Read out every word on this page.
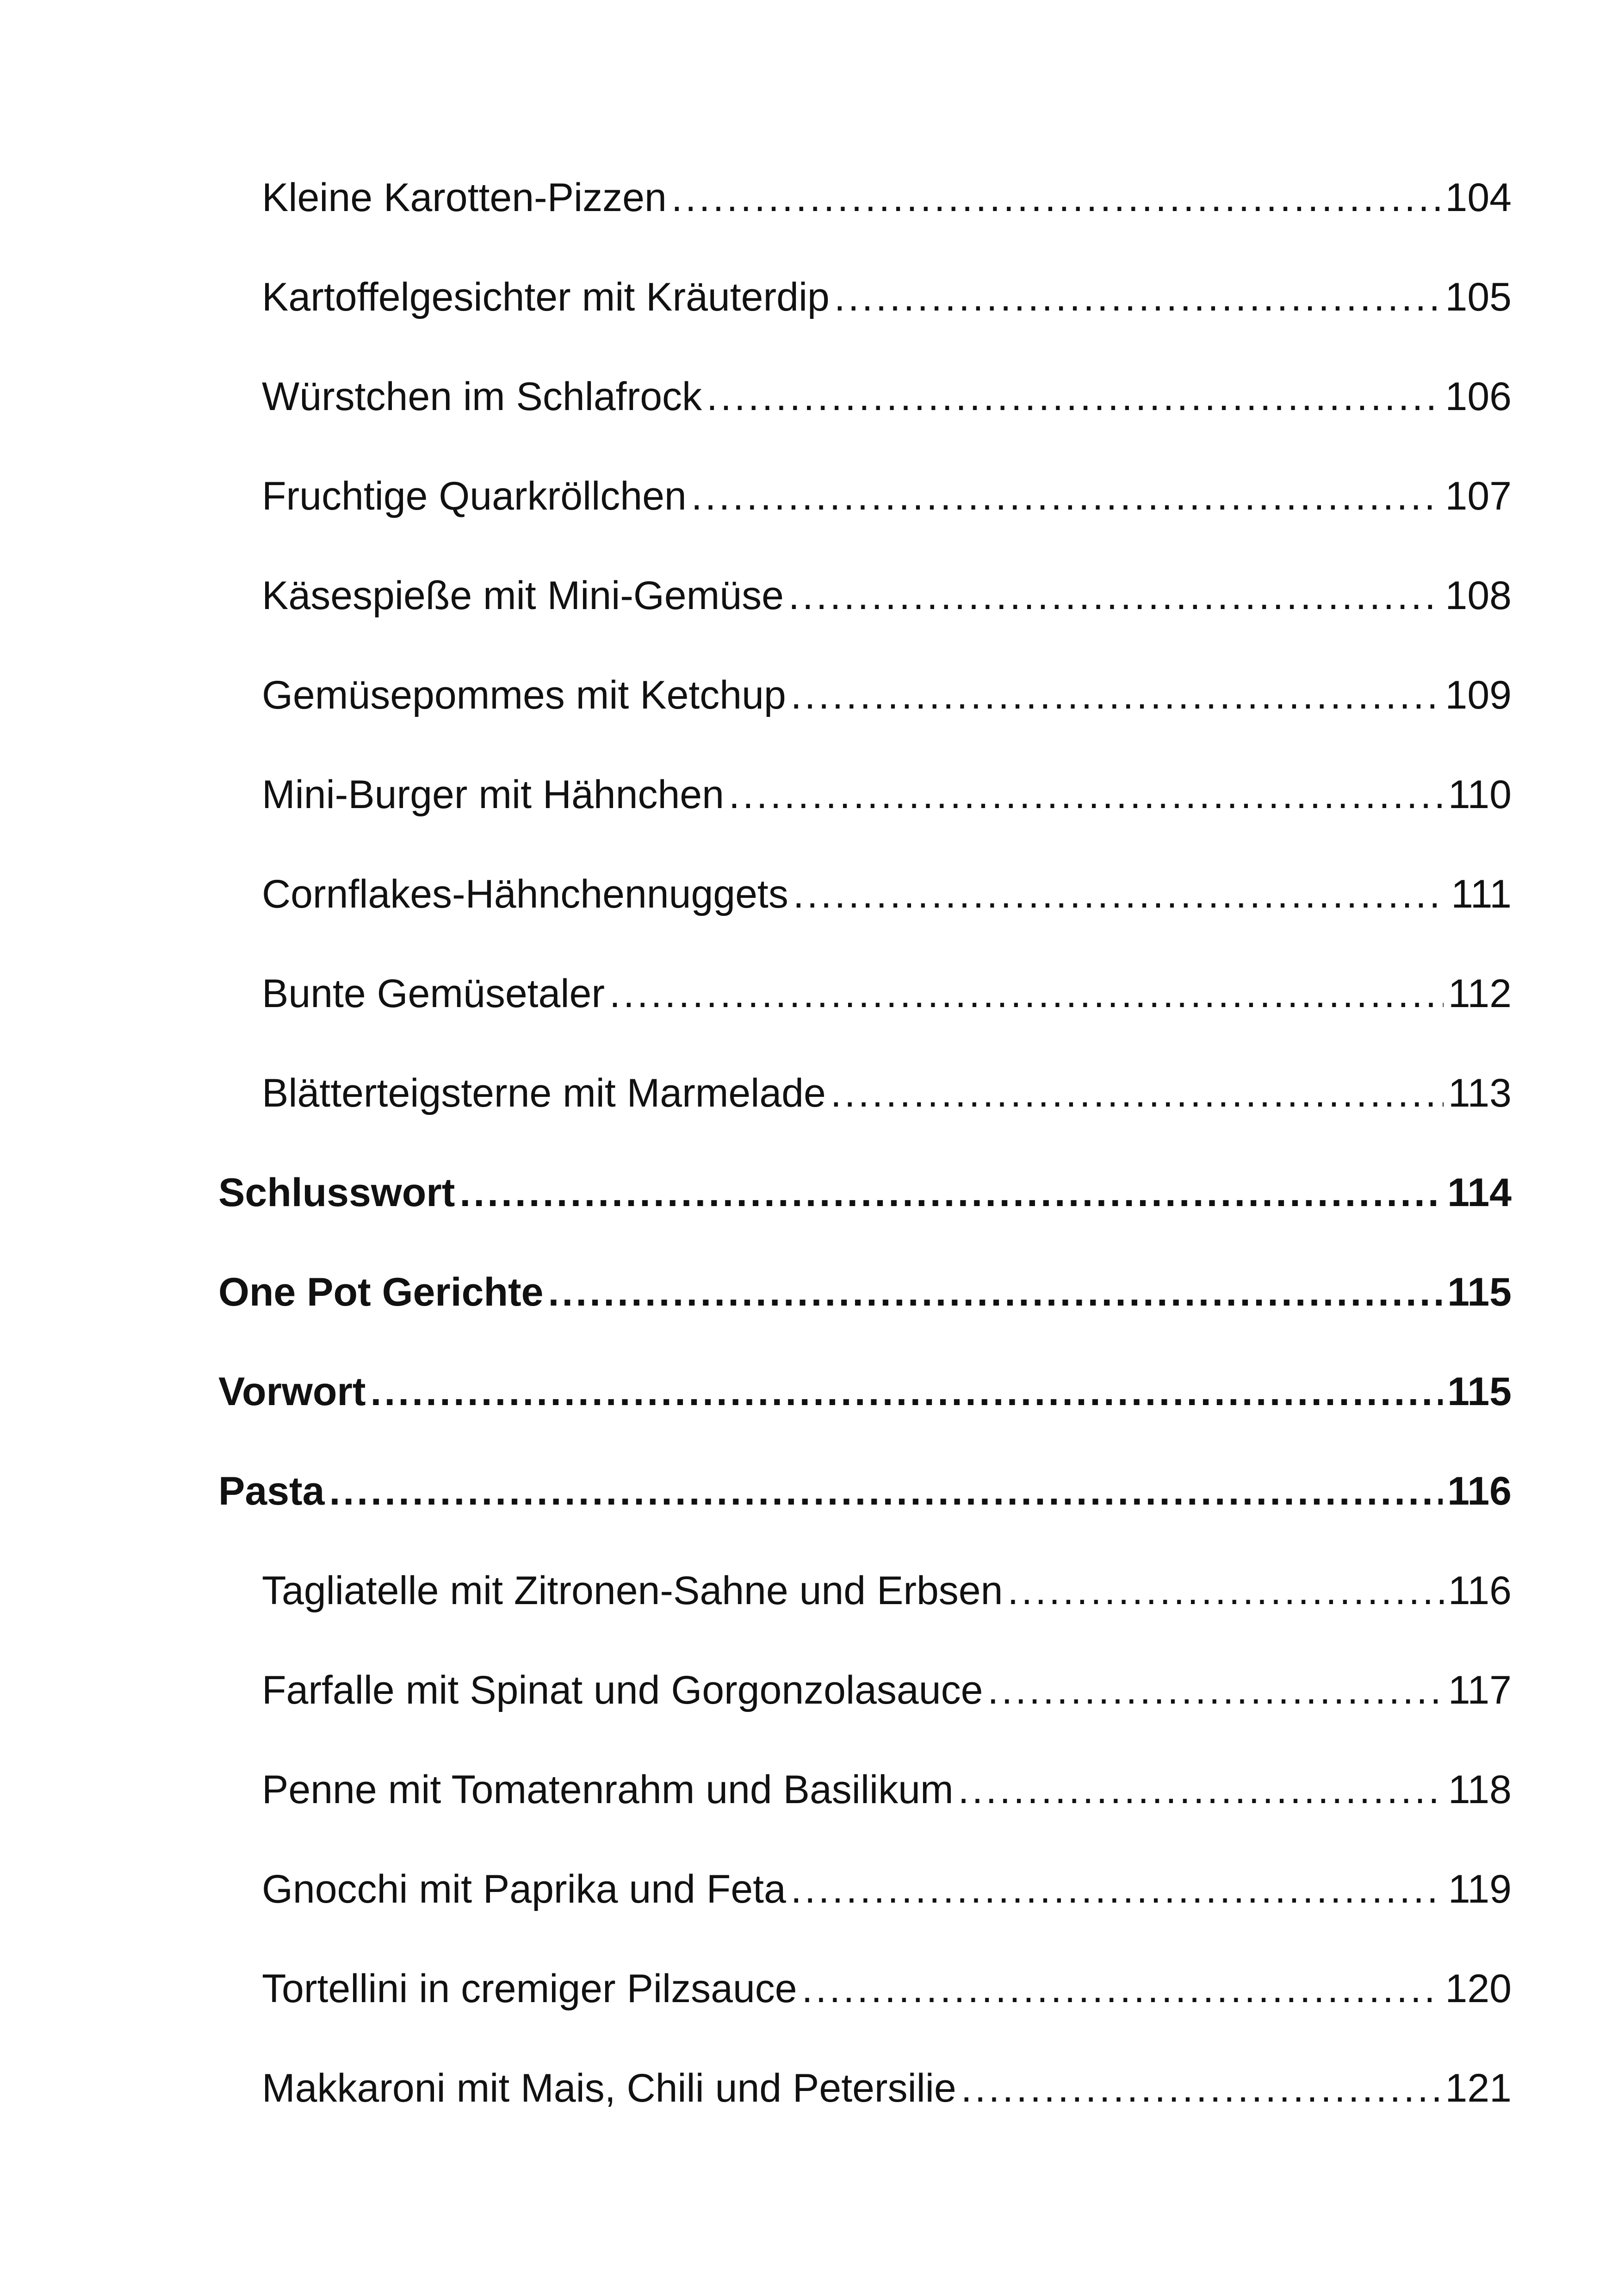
Kleine Karotten-Pizzen .....	104
Kartoffelgesichter mit Kräuterdip .....	105
Würstchen im Schlafrock .....	106
Fruchtige Quarkröllchen .....	107
Käsespieße mit Mini-Gemüse .....	108
Gemüsepommes mit Ketchup .....	109
Mini-Burger mit Hähnchen .....	110
Cornflakes-Hähnchennuggets .....	111
Bunte Gemüsetaler .....	112
Blätterteigsterne mit Marmelade .....	113
Schlusswort .....	114
One Pot Gerichte .....	115
Vorwort .....	115
Pasta .....	116
Tagliatelle mit Zitronen-Sahne und Erbsen .....	116
Farfalle mit Spinat und Gorgonzolasauce .....	117
Penne mit Tomatenrahm und Basilikum .....	118
Gnocchi mit Paprika und Feta .....	119
Tortellini in cremiger Pilzsauce .....	120
Makkaroni mit Mais, Chili und Petersilie .....	121
